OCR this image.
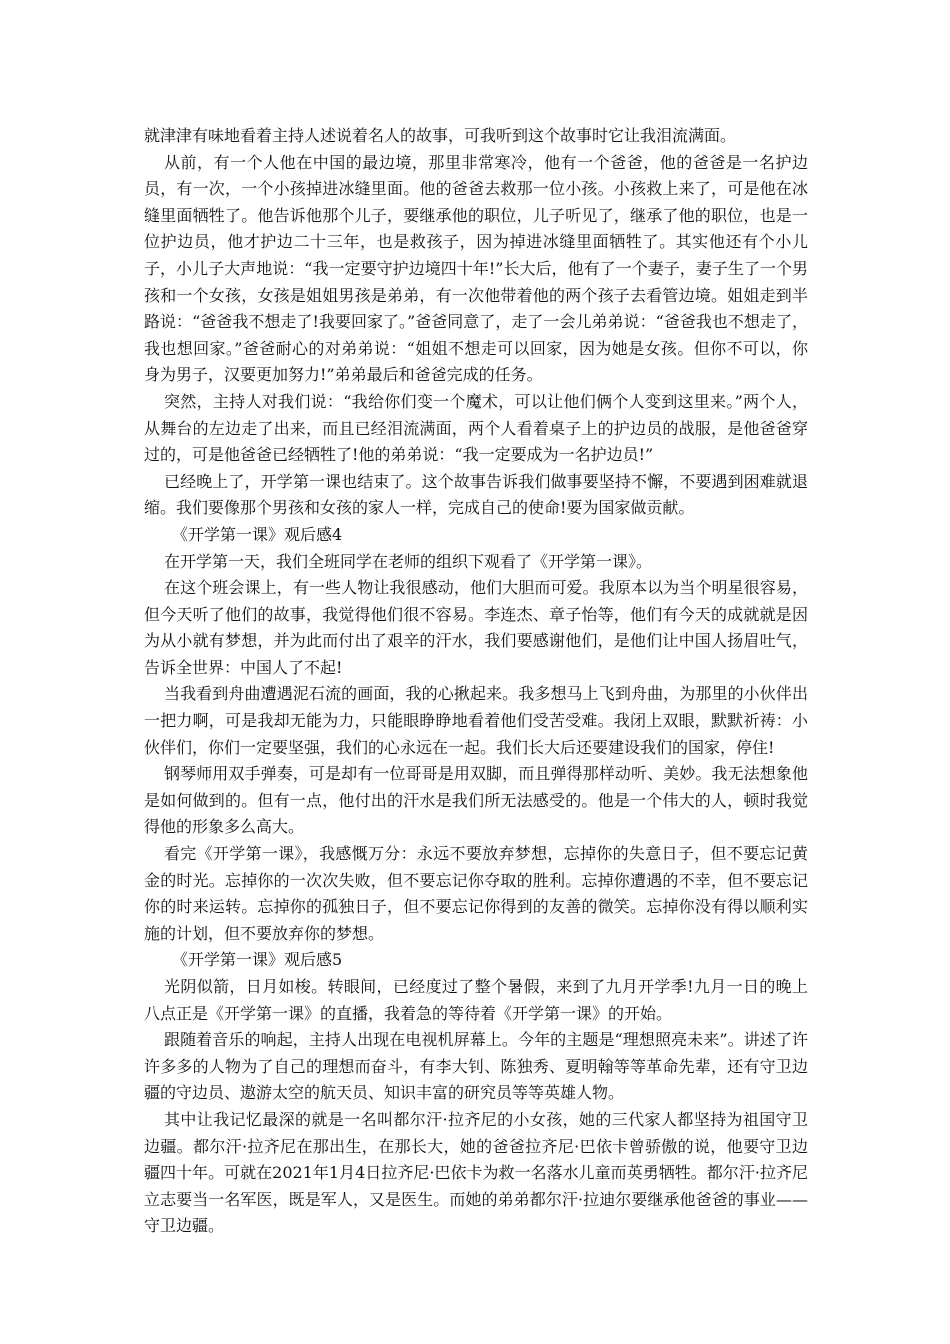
就津津有味地看着主持人述说着名人的故事，可我听到这个故事时它让我泪流满面。

从前，有一个人他在中国的最边境，那里非常寒冷，他有一个爸爸，他的爸爸是一名护边员，有一次，一个小孩掉进冰缝里面。他的爸爸去救那一位小孩。小孩救上来了，可是他在冰缝里面牺牲了。他告诉他那个儿子，要继承他的职位，儿子听见了，继承了他的职位，也是一位护边员，他才护边二十三年，也是救孩子，因为掉进冰缝里面牺牲了。其实他还有个小儿子，小儿子大声地说：“我一定要守护边境四十年!”长大后，他有了一个妻子，妻子生了一个男孩和一个女孩，女孩是姐姐男孩是弟弟，有一次他带着他的两个孩子去看管边境。姐姐走到半路说：“爸爸我不想走了!我要回家了。”爸爸同意了，走了一会儿弟弟说：“爸爸我也不想走了，我也想回家。”爸爸耐心的对弟弟说：“姐姐不想走可以回家，因为她是女孩。但你不可以，你身为男子，汉要更加努力!”弟弟最后和爸爸完成的任务。

突然，主持人对我们说：“我给你们变一个魔术，可以让他们俩个人变到这里来。”两个人，从舞台的左边走了出来，而且已经泪流满面，两个人看着桌子上的护边员的战服，是他爸爸穿过的，可是他爸爸已经牺牲了!他的弟弟说：“我一定要成为一名护边员!”

已经晚上了，开学第一课也结束了。这个故事告诉我们做事要坚持不懈，不要遇到困难就退缩。我们要像那个男孩和女孩的家人一样，完成自己的使命!要为国家做贡献。

《开学第一课》观后感4

在开学第一天，我们全班同学在老师的组织下观看了《开学第一课》。

在这个班会课上，有一些人物让我很感动，他们大胆而可爱。我原本以为当个明星很容易，但今天听了他们的故事，我觉得他们很不容易。李连杰、章子怡等，他们有今天的成就就是因为从小就有梦想，并为此而付出了艰辛的汗水，我们要感谢他们，是他们让中国人扬眉吐气，告诉全世界：中国人了不起!

当我看到舟曲遭遇泥石流的画面，我的心揪起来。我多想马上飞到舟曲，为那里的小伙伴出一把力啊，可是我却无能为力，只能眼睁睁地看着他们受苦受难。我闭上双眼，默默祈祷：小伙伴们，你们一定要坚强，我们的心永远在一起。我们长大后还要建设我们的国家，停住!

钢琴师用双手弹奏，可是却有一位哥哥是用双脚，而且弹得那样动听、美妙。我无法想象他是如何做到的。但有一点，他付出的汗水是我们所无法感受的。他是一个伟大的人，顿时我觉得他的形象多么高大。

看完《开学第一课》，我感慨万分：永远不要放弃梦想，忘掉你的失意日子，但不要忘记黄金的时光。忘掉你的一次次失败，但不要忘记你夺取的胜利。忘掉你遭遇的不幸，但不要忘记你的时来运转。忘掉你的孤独日子，但不要忘记你得到的友善的微笑。忘掉你没有得以顺利实施的计划，但不要放弃你的梦想。

《开学第一课》观后感5

光阴似箭，日月如梭。转眼间，已经度过了整个暑假，来到了九月开学季!九月一日的晚上八点正是《开学第一课》的直播，我着急的等待着《开学第一课》的开始。

跟随着音乐的响起，主持人出现在电视机屏幕上。今年的主题是“理想照亮未来”。讲述了许许多多的人物为了自己的理想而奋斗，有李大钊、陈独秀、夏明翰等等革命先辈，还有守卫边疆的守边员、遨游太空的航天员、知识丰富的研究员等等英雄人物。

其中让我记忆最深的就是一名叫都尔汗·拉齐尼的小女孩，她的三代家人都坚持为祖国守卫边疆。都尔汗·拉齐尼在那出生，在那长大，她的爸爸拉齐尼·巴依卡曾骄傲的说，他要守卫边疆四十年。可就在2021年1月4日拉齐尼·巴依卡为救一名落水儿童而英勇牺牲。都尔汗·拉齐尼立志要当一名军医，既是军人，又是医生。而她的弟弟都尔汗·拉迪尔要继承他爸爸的事业——守卫边疆。
